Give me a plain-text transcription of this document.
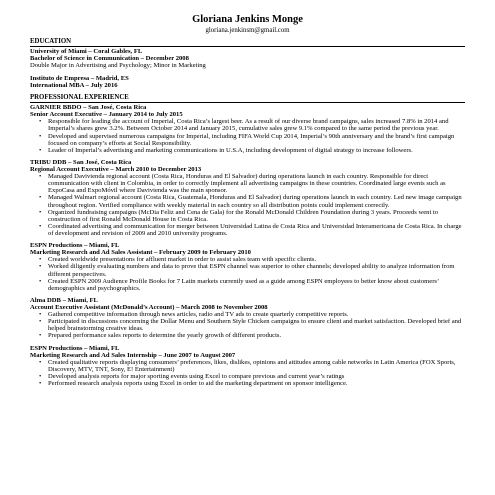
Gloriana Jenkins Monge
gloriana.jenkinsm@gmail.com
EDUCATION
University of Miami – Coral Gables, FL
Bachelor of Science in Communication – December 2008
Double Major in Advertising and Psychology; Minor in Marketing
Instituto de Empresa – Madrid, ES
International MBA – July 2016
PROFESSIONAL EXPERIENCE
GARNIER BBDO – San José, Costa Rica
Senior Account Executive – January 2014 to July 2015
• Responsible for leading the account of Imperial, Costa Rica’s largest beer. As a result of our diverse brand campaigns, sales increased 7.8% in 2014 and Imperial’s shares grew 3.2%. Between October 2014 and January 2015, cumulative sales grew 9.1% compared to the same period the previous year.
• Developed and supervised numerous campaigns for Imperial, including FIFA World Cup 2014, Imperial’s 90th anniversary and the brand’s first campaign focused on company’s efforts at Social Responsibility.
• Leader of Imperial’s advertising and marketing communications in U.S.A, including development of digital strategy to increase followers.
TRIBU DDB – San José, Costa Rica
Regional Account Executive – March 2010 to December 2013
• Managed Davivienda regional account (Costa Rica, Honduras and El Salvador) during operations launch in each country. Responsible for direct communication with client in Colombia, in order to correctly implement all advertising campaigns in these countries. Coordinated large events such as ExpoCasa and ExpoMóvil where Davivienda was the main sponsor.
• Managed Walmart regional account (Costa Rica, Guatemala, Honduras and El Salvador) during operations launch in each country. Led new image campaign throughout region. Verified compliance with weekly material in each country so all distribution points could implement correctly.
• Organized fundraising campaigns (McDia Feliz and Cena de Gala) for the Ronald McDonald Children Foundation during 3 years. Proceeds went to construction of first Ronald McDonald House in Costa Rica.
• Coordinated advertising and communication for merger between Universidad Latina de Costa Rica and Universidad Interamericana de Costa Rica. In charge of development and revision of 2009 and 2010 university programs.
ESPN Productions – Miami, FL
Marketing Research and Ad Sales Assistant – February 2009 to February 2010
• Created worldwide presentations for affluent market in order to assist sales team with specific clients.
• Worked diligently evaluating numbers and data to prove that ESPN channel was superior to other channels; developed ability to analyze information from different perspectives.
• Created ESPN 2009 Audience Profile Books for 7 Latin markets currently used as a guide among ESPN employees to better know about customers’ demographics and psychographics.
Alma DDB – Miami, FL
Account Executive Assistant (McDonald’s Account) – March 2008 to November 2008
• Gathered competitive information through news articles, radio and TV ads to create quarterly competitive reports.
• Participated in discussions concerning the Dollar Menu and Southern Style Chicken campaigns to ensure client and market satisfaction. Developed brief and helped brainstorming creative ideas.
• Prepared performance sales reports to determine the yearly growth of different products.
ESPN Productions – Miami, FL
Marketing Research and Ad Sales Internship – June 2007 to August 2007
• Created qualitative reports displaying consumers’ preferences, likes, dislikes, opinions and attitudes among cable networks in Latin America (FOX Sports, Discovery, MTV, TNT, Sony, E! Entertainment)
• Developed analysis reports for major sporting events using Excel to compare previous and current year’s ratings
• Performed research analysis reports using Excel in order to aid the marketing department on sponsor intelligence.
